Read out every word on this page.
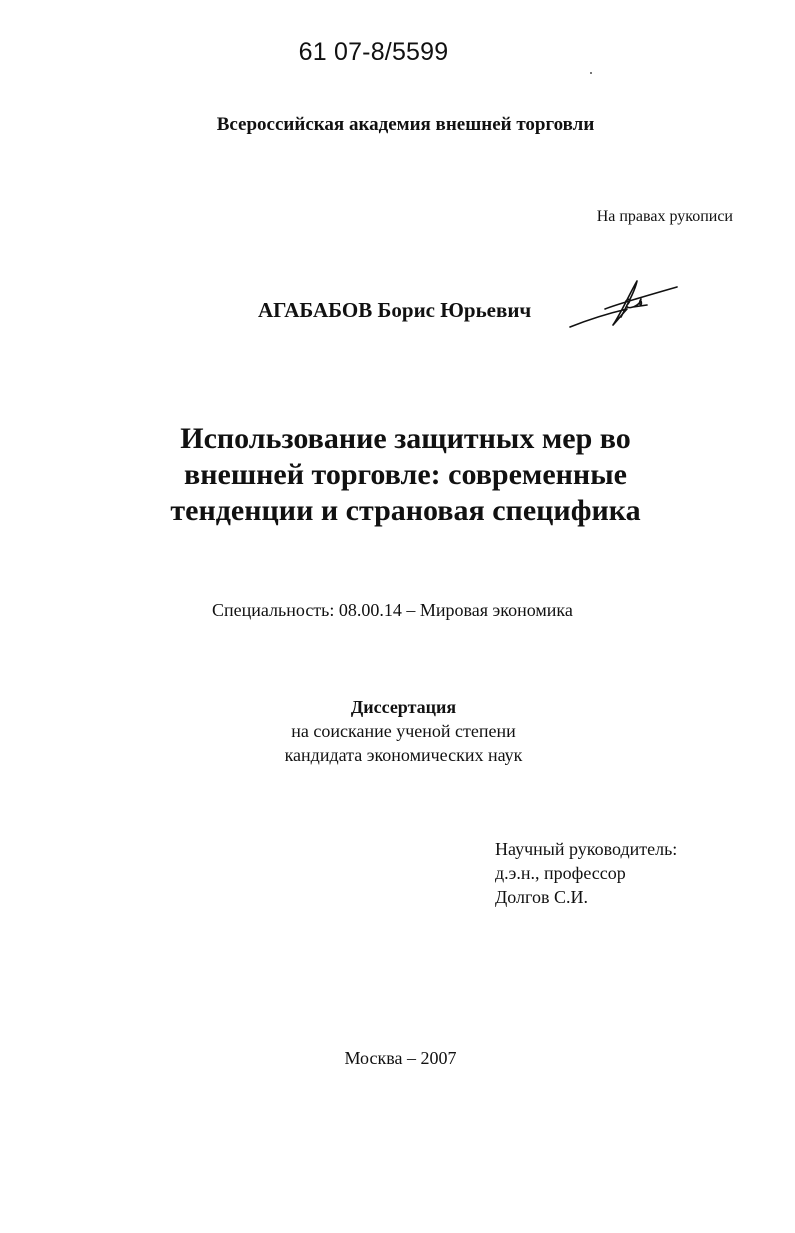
61 07-8/5599
Всероссийская академия внешней торговли
На правах рукописи
АГАБАБОВ Борис Юрьевич
Использование защитных мер во
внешней торговле: современные
тенденции и страновая специфика
Специальность: 08.00.14 – Мировая экономика
Диссертация
на соискание ученой степени
кандидата экономических наук
Научный руководитель:
д.э.н., профессор
Долгов С.И.
Москва – 2007
